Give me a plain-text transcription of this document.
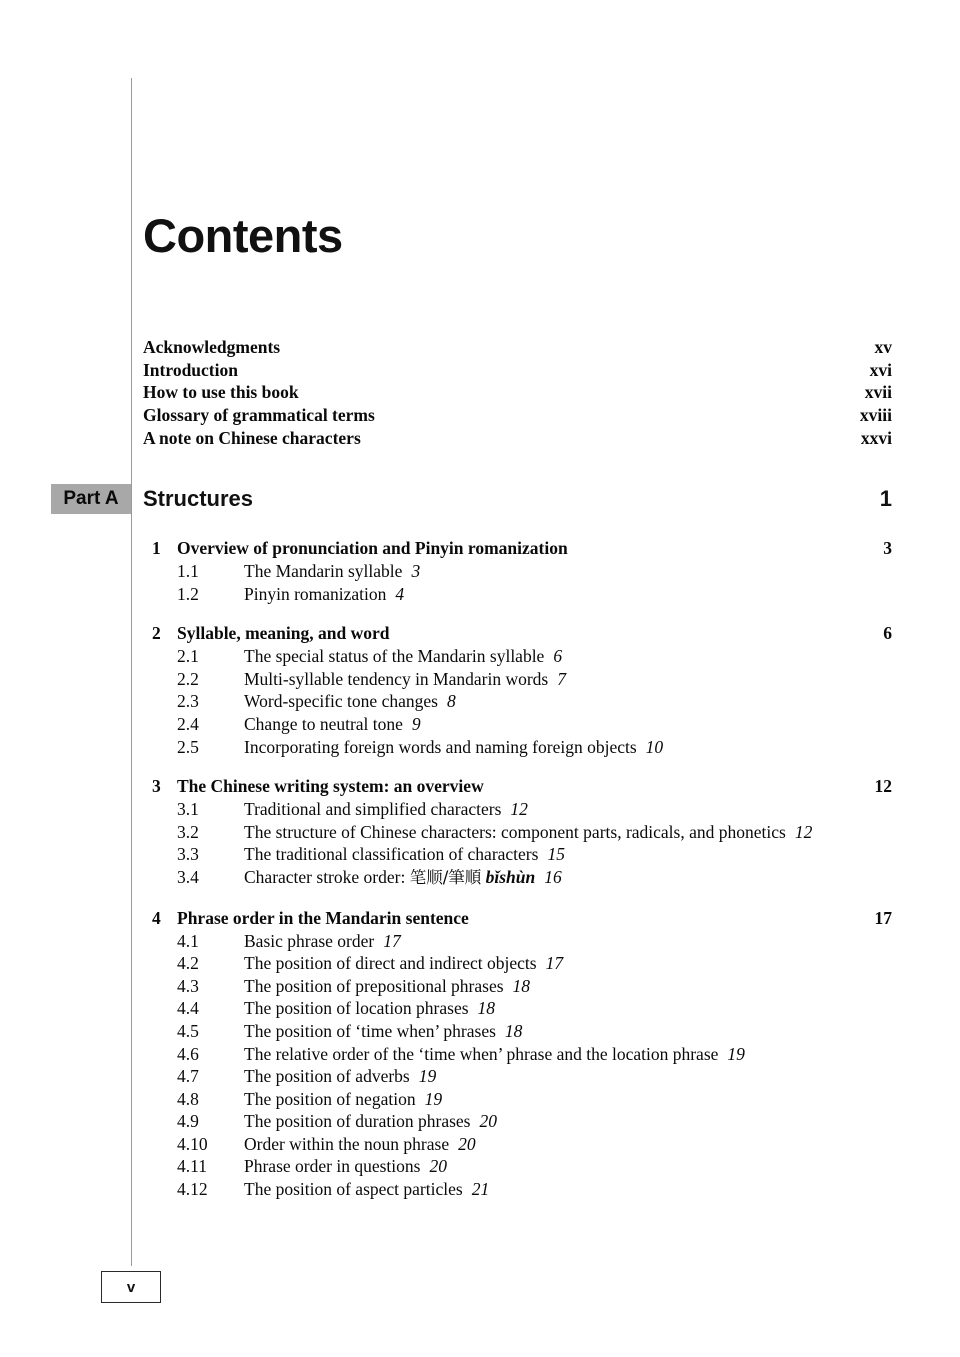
Contents
Acknowledgments	xv
Introduction	xvi
How to use this book	xvii
Glossary of grammatical terms	xviii
A note on Chinese characters	xxvi
Part A	Structures	1
1 Overview of pronunciation and Pinyin romanization	3
1.1	The Mandarin syllable 3
1.2	Pinyin romanization 4
2 Syllable, meaning, and word	6
2.1	The special status of the Mandarin syllable 6
2.2	Multi-syllable tendency in Mandarin words 7
2.3	Word-specific tone changes 8
2.4	Change to neutral tone 9
2.5	Incorporating foreign words and naming foreign objects 10
3 The Chinese writing system: an overview	12
3.1	Traditional and simplified characters 12
3.2	The structure of Chinese characters: component parts, radicals, and phonetics 12
3.3	The traditional classification of characters 15
3.4	Character stroke order: 笔顺/筆順 bǐshùn 16
4 Phrase order in the Mandarin sentence	17
4.1	Basic phrase order 17
4.2	The position of direct and indirect objects 17
4.3	The position of prepositional phrases 18
4.4	The position of location phrases 18
4.5	The position of ‘time when’ phrases 18
4.6	The relative order of the ‘time when’ phrase and the location phrase 19
4.7	The position of adverbs 19
4.8	The position of negation 19
4.9	The position of duration phrases 20
4.10	Order within the noun phrase 20
4.11	Phrase order in questions 20
4.12	The position of aspect particles 21
v
